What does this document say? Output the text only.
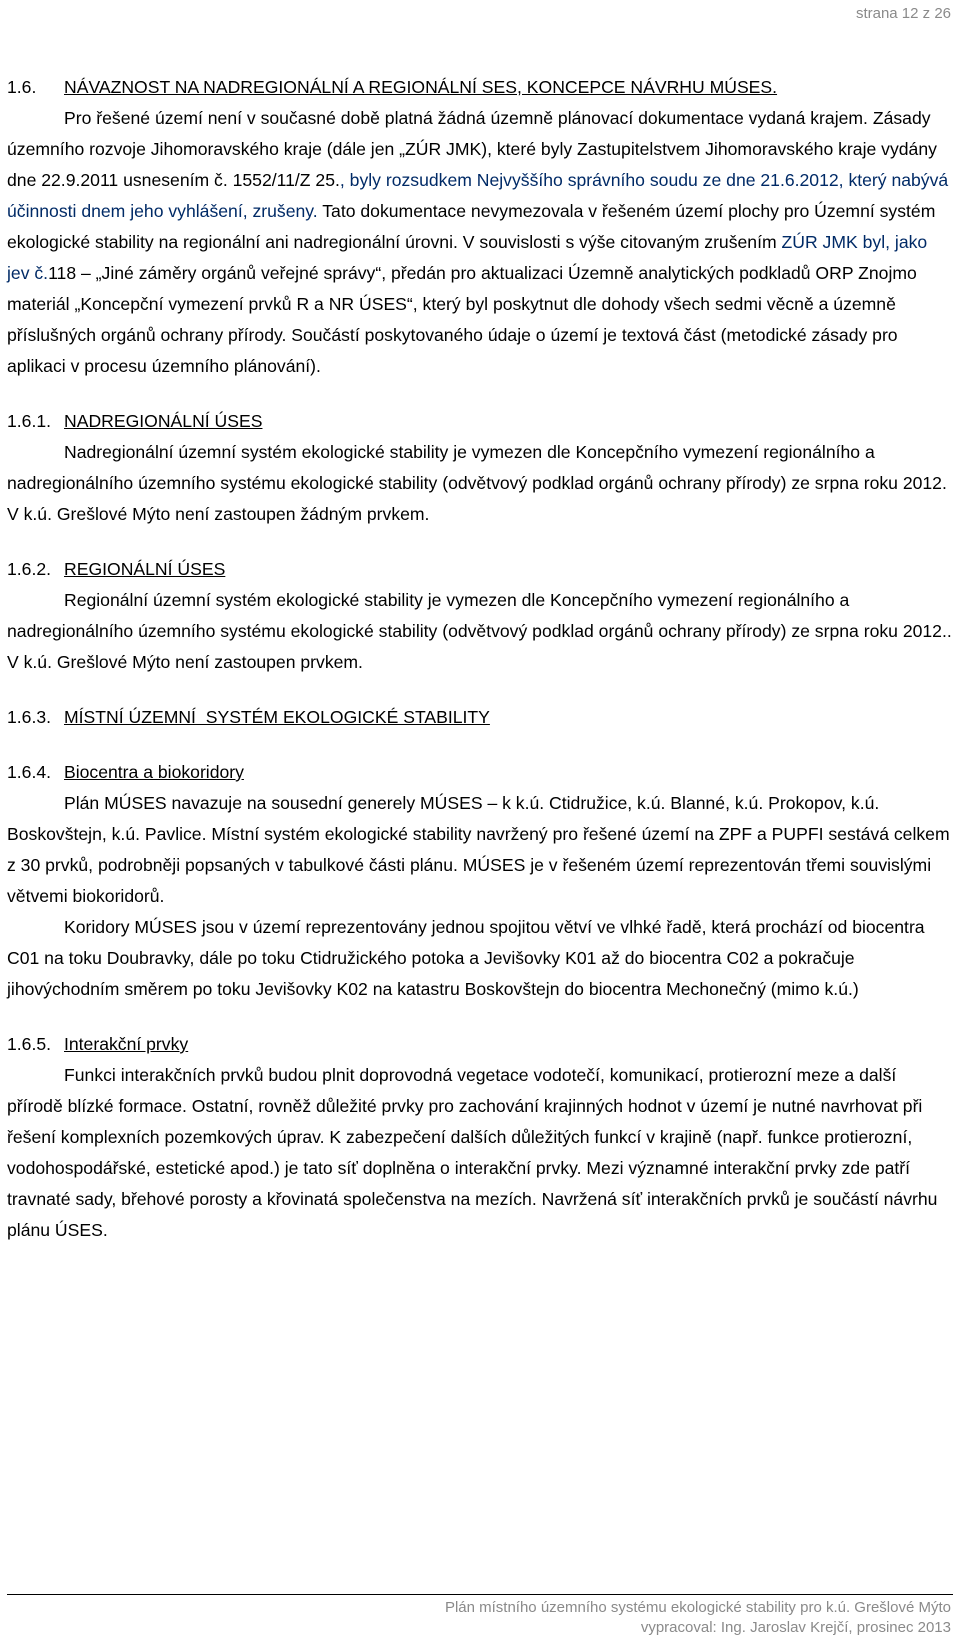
strana 12 z 26
1.6.	NÁVAZNOST NA NADREGIONÁLNÍ A REGIONÁLNÍ SES, KONCEPCE NÁVRHU MÚSES.

Pro řešené území není v současné době platná žádná územně plánovací dokumentace vydaná krajem. Zásady územního rozvoje Jihomoravského kraje (dále jen „ZÚR JMK), které byly Zastupitelstvem Jihomoravského kraje vydány dne 22.9.2011 usnesením č. 1552/11/Z 25., byly rozsudkem Nejvyššího správního soudu ze dne 21.6.2012, který nabývá účinnosti dnem jeho vyhlášení, zrušeny. Tato dokumentace nevymezovala v řešeném území plochy pro Územní systém ekologické stability na regionální ani nadregionální úrovni. V souvislosti s výše citovaným zrušením ZÚR JMK byl, jako jev č.118 – „Jiné záměry orgánů veřejné správy“, předán pro aktualizaci Územně analytických podkladů ORP Znojmo materiál „Koncepční vymezení prvků R a NR ÚSES“, který byl poskytnut dle dohody všech sedmi věcně a územně příslušných orgánů ochrany přírody. Součástí poskytovaného údaje o území je textová část (metodické zásady pro aplikaci v procesu územního plánování).

1.6.1. NADREGIONÁLNÍ ÚSES

Nadregionální územní systém ekologické stability je vymezen dle Koncepčního vymezení regionálního a nadregionálního územního systému ekologické stability (odvětvový podklad orgánů ochrany přírody) ze srpna roku 2012. V k.ú. Grešlové Mýto není zastoupen žádným prvkem.

1.6.2. REGIONÁLNÍ ÚSES

Regionální územní systém ekologické stability je vymezen dle Koncepčního vymezení regionálního a nadregionálního územního systému ekologické stability (odvětvový podklad orgánů ochrany přírody) ze srpna roku 2012.. V k.ú. Grešlové Mýto není zastoupen prvkem.

1.6.3. MÍSTNÍ ÚZEMNÍ  SYSTÉM EKOLOGICKÉ STABILITY
1.6.4. Biocentra a biokoridory

Plán MÚSES navazuje na sousední generely MÚSES – k k.ú. Ctidružice, k.ú. Blanné, k.ú. Prokopov, k.ú. Boskovštejn, k.ú. Pavlice. Místní systém ekologické stability navržený pro řešené území na ZPF a PUPFI sestává celkem z 30 prvků, podrobněji popsaných v tabulkové části plánu. MÚSES je v řešeném území reprezentován třemi souvislými větvemi biokoridorů.

Koridory MÚSES jsou v území reprezentovány jednou spojitou větví ve vlhké řadě, která prochází od biocentra C01 na toku Doubravky, dále po toku Ctidružického potoka a Jevišovky K01 až do biocentra C02 a pokračuje jihovýchodním směrem po toku Jevišovky K02 na katastru Boskovštejn do biocentra Mechonečný (mimo k.ú.)

1.6.5. Interakční prvky

Funkci interakčních prvků budou plnit doprovodná vegetace vodotečí, komunikací, protierozní meze a další přírodě blízké formace. Ostatní, rovněž důležité prvky pro zachování krajinných hodnot v území je nutné navrhovat při řešení komplexních pozemkových úprav. K zabezpečení dalších důležitých funkcí v krajině (např. funkce protierozní, vodohospodářské, estetické apod.) je tato síť doplněna o interakční prvky. Mezi významné interakční prvky zde patří travnaté sady, břehové porosty a křovinatá společenstva na mezích. Navržená síť interakčních prvků je součástí návrhu plánu ÚSES.

Plán místního územního systému ekologické stability pro k.ú. Grešlové Mýto
vypracoval: Ing. Jaroslav Krejčí, prosinec 2013
